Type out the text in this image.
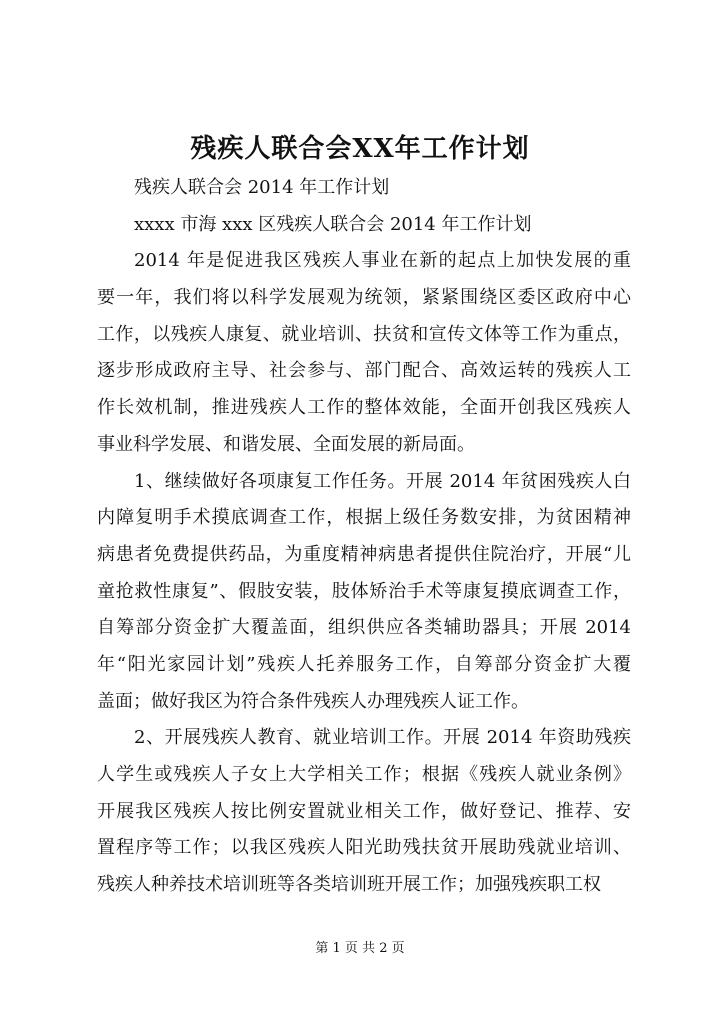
残疾人联合会XX年工作计划
残疾人联合会 2014 年工作计划
xxxx 市海 xxx 区残疾人联合会 2014 年工作计划
2014 年是促进我区残疾人事业在新的起点上加快发展的重
要一年，我们将以科学发展观为统领，紧紧围绕区委区政府中心
工作，以残疾人康复、就业培训、扶贫和宣传文体等工作为重点，
逐步形成政府主导、社会参与、部门配合、高效运转的残疾人工
作长效机制，推进残疾人工作的整体效能，全面开创我区残疾人
事业科学发展、和谐发展、全面发展的新局面。
1、继续做好各项康复工作任务。开展 2014 年贫困残疾人白
内障复明手术摸底调查工作，根据上级任务数安排，为贫困精神
病患者免费提供药品，为重度精神病患者提供住院治疗，开展“儿
童抢救性康复”、假肢安装，肢体矫治手术等康复摸底调查工作，
自筹部分资金扩大覆盖面，组织供应各类辅助器具；开展 2014
年“阳光家园计划”残疾人托养服务工作，自筹部分资金扩大覆
盖面；做好我区为符合条件残疾人办理残疾人证工作。
2、开展残疾人教育、就业培训工作。开展 2014 年资助残疾
人学生或残疾人子女上大学相关工作；根据《残疾人就业条例》
开展我区残疾人按比例安置就业相关工作，做好登记、推荐、安
置程序等工作；以我区残疾人阳光助残扶贫开展助残就业培训、
残疾人种养技术培训班等各类培训班开展工作；加强残疾职工权
第 1 页 共 2 页
